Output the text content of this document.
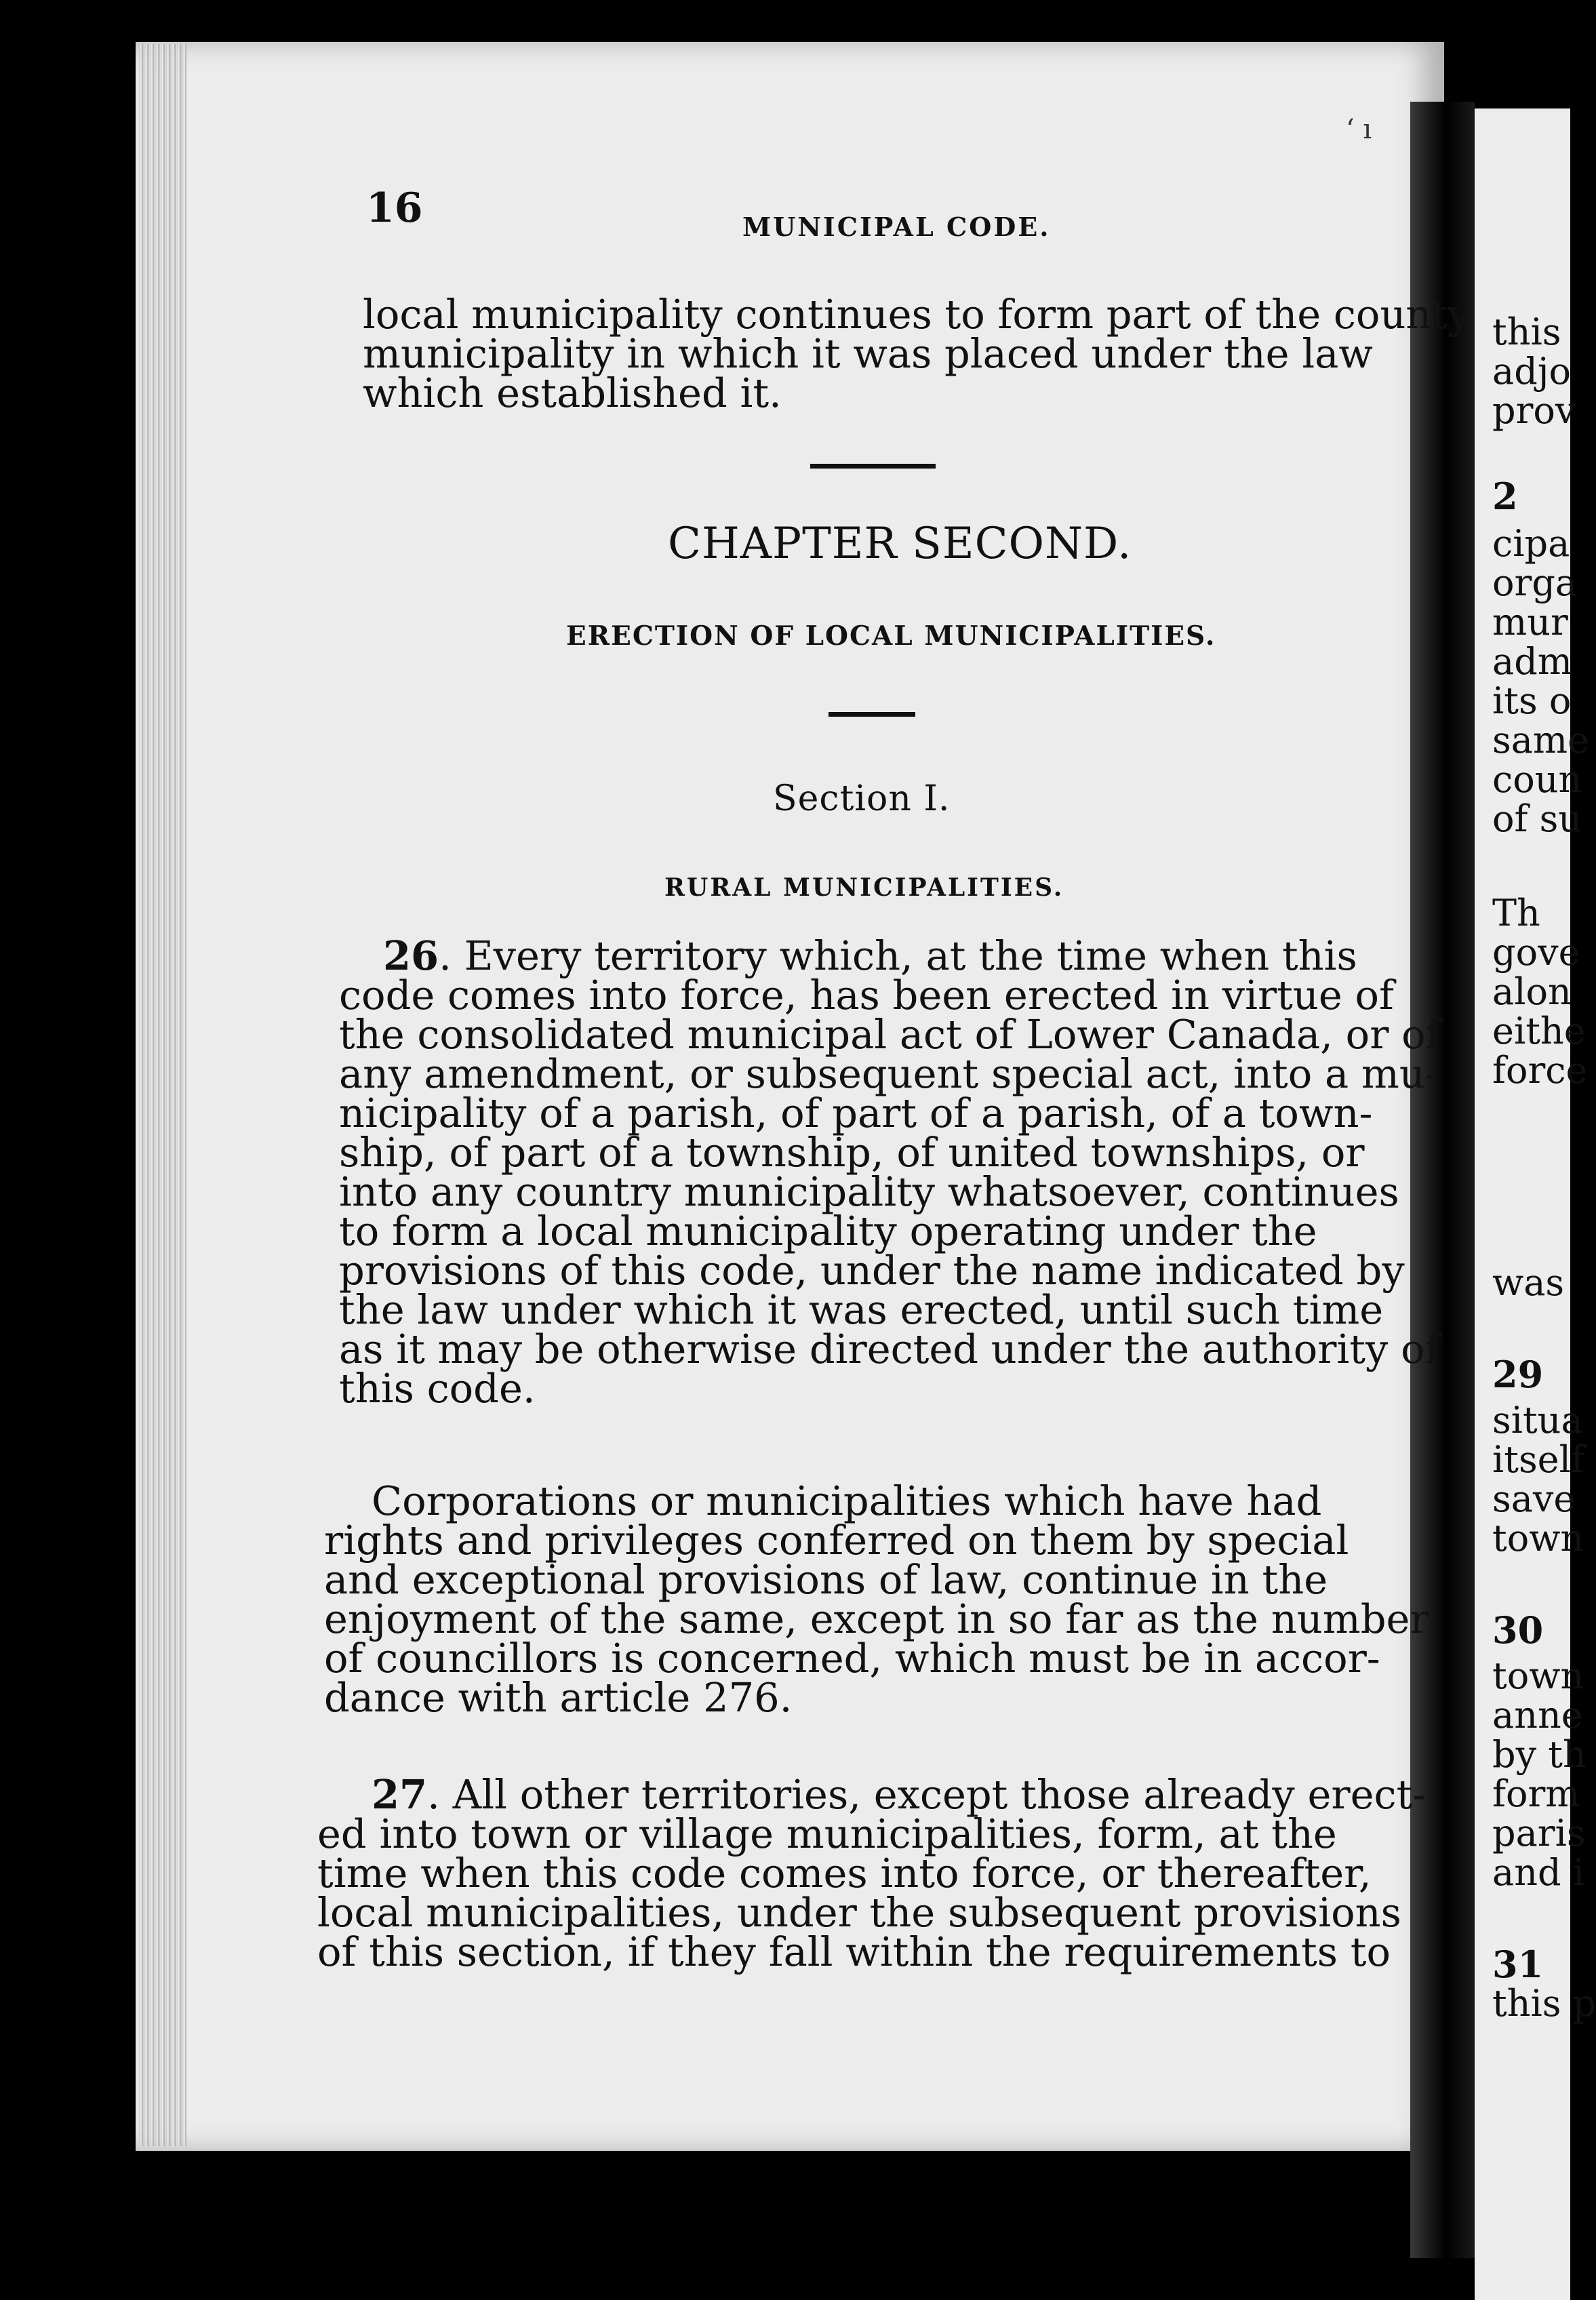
‘ ı

16	MUNICIPAL CODE.

local municipality continues to form part of the county

municipality in which it was placed under the law

which established it.

CHAPTER SECOND.

ERECTION OF LOCAL MUNICIPALITIES.

Section I.

RURAL MUNICIPALITIES.

26. Every territory which, at the time when this

code comes into force, has been erected in virtue of

the consolidated municipal act of Lower Canada, or of

any amendment, or subsequent special act, into a mu-

nicipality of a parish, of part of a parish, of a town-

ship, of part of a township, of united townships, or

into any country municipality whatsoever, continues

to form a local municipality operating under the

provisions of this code, under the name indicated by

the law under which it was erected, until such time

as it may be otherwise directed under the authority of

this code.

Corporations or municipalities which have had

rights and privileges conferred on them by special

and exceptional provisions of law, continue in the

enjoyment of the same, except in so far as the number

of councillors is concerned, which must be in accor-

dance with article 276.

27. All other territories, except those already erect-

ed into town or village municipalities, form, at the

time when this code comes into force, or thereafter,

local municipalities, under the subsequent provisions

of this section, if they fall within the requirements to

this
adjo
prov
2
cipa
orga
mur
adm
its o
same
coun
of su
Th
gove
alon
eithe
force
was
29
situa
itself
save
town
30
town
anne
by th
form
paris
and i
31
this p
